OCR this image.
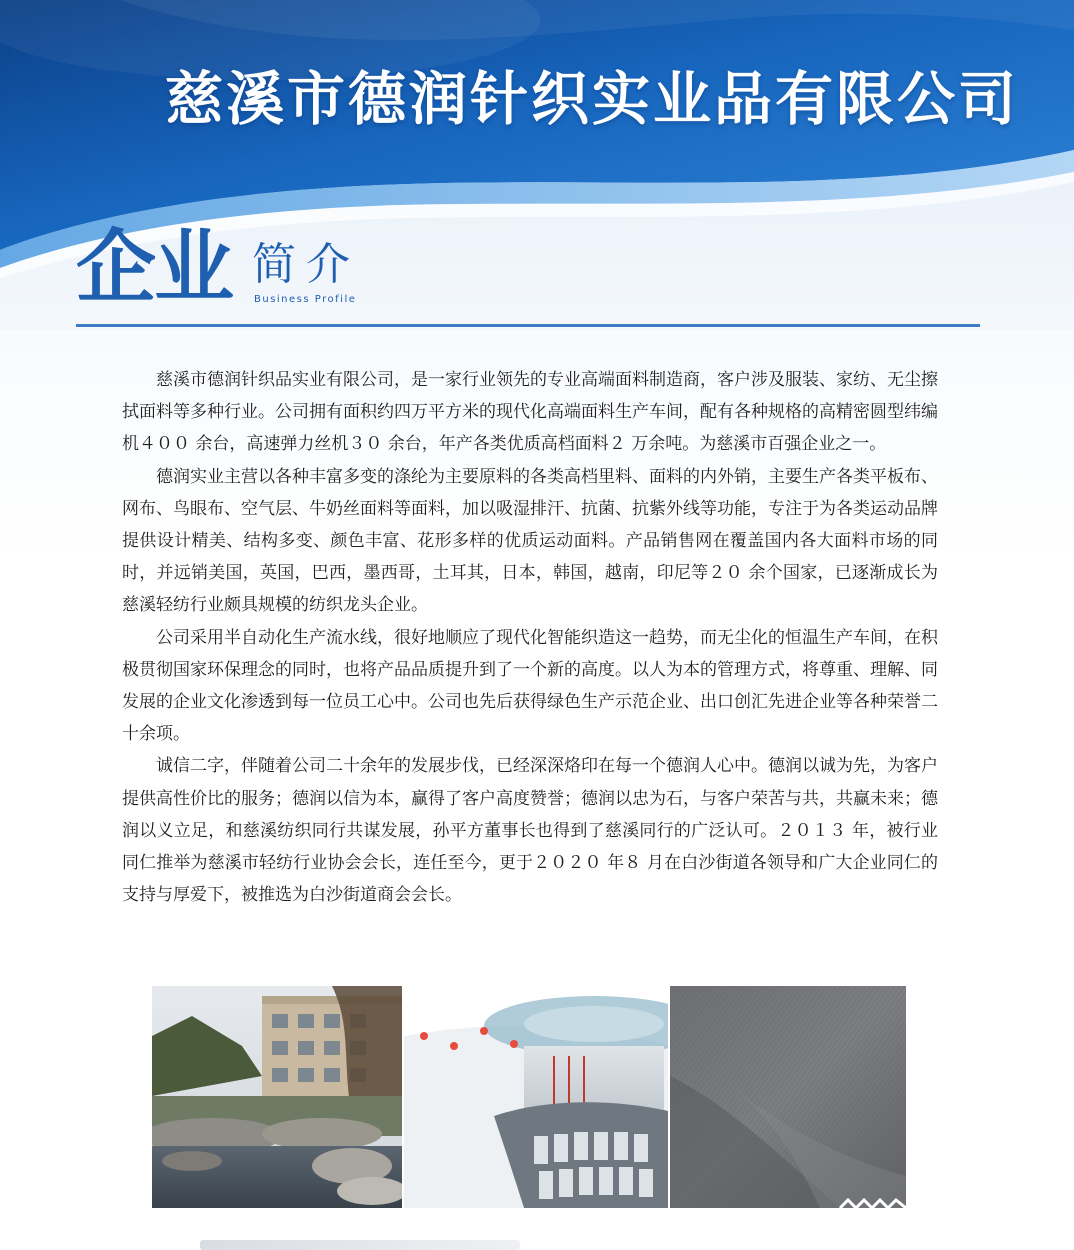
慈溪市德润针织实业品有限公司
企业 简介
Business Profile

慈溪市德润针织品实业有限公司，是一家行业领先的专业高端面料制造商，客户涉及服装、家纺、无尘擦拭面料等多种行业。公司拥有面积约四万平方米的现代化高端面料生产车间，配有各种规格的高精密圆型纬编机４００ 余台，高速弹力丝机３０ 余台，年产各类优质高档面料２ 万余吨。为慈溪市百强企业之一。

德润实业主营以各种丰富多变的涤纶为主要原料的各类高档里料、面料的内外销，主要生产各类平板布、网布、鸟眼布、空气层、牛奶丝面料等面料，加以吸湿排汗、抗菌、抗紫外线等功能，专注于为各类运动品牌提供设计精美、结构多变、颜色丰富、花形多样的优质运动面料。产品销售网在覆盖国内各大面料市场的同时，并远销美国，英国，巴西，墨西哥，土耳其，日本，韩国，越南，印尼等２０ 余个国家，已逐渐成长为慈溪轻纺行业颇具规模的纺织龙头企业。

公司采用半自动化生产流水线，很好地顺应了现代化智能织造这一趋势，而无尘化的恒温生产车间，在积极贯彻国家环保理念的同时，也将产品品质提升到了一个新的高度。以人为本的管理方式，将尊重、理解、同发展的企业文化渗透到每一位员工心中。公司也先后获得绿色生产示范企业、出口创汇先进企业等各种荣誉二十余项。

诚信二字，伴随着公司二十余年的发展步伐，已经深深烙印在每一个德润人心中。德润以诚为先，为客户提供高性价比的服务；德润以信为本，赢得了客户高度赞誉；德润以忠为石，与客户荣苦与共，共赢未来；德润以义立足，和慈溪纺织同行共谋发展，孙平方董事长也得到了慈溪同行的广泛认可。２０１３ 年，被行业同仁推举为慈溪市轻纺行业协会会长，连任至今，更于２０２０ 年８ 月在白沙街道各领导和广大企业同仁的支持与厚爱下，被推选为白沙街道商会会长。
